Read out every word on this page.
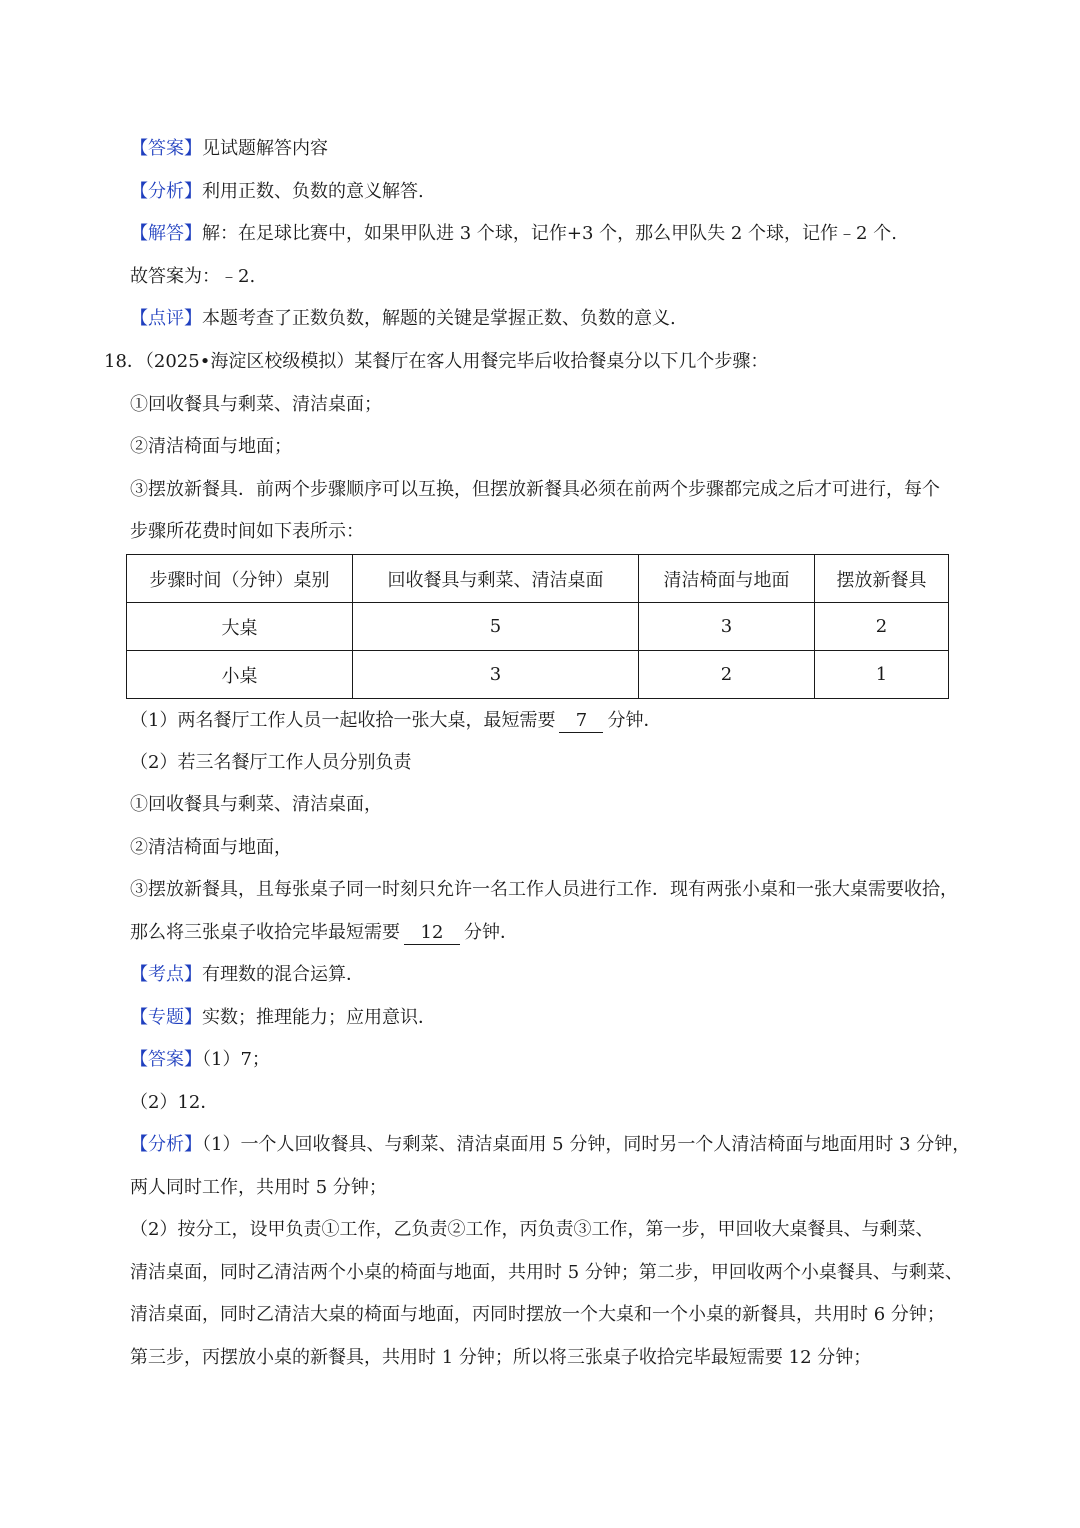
【答案】见试题解答内容
【分析】利用正数、负数的意义解答.
【解答】解：在足球比赛中，如果甲队进 3 个球，记作+3 个，那么甲队失 2 个球，记作﹣2 个.
故答案为：﹣2.
【点评】本题考查了正数负数，解题的关键是掌握正数、负数的意义.
18．（2025•海淀区校级模拟）某餐厅在客人用餐完毕后收拾餐桌分以下几个步骤：
①回收餐具与剩菜、清洁桌面；
②清洁椅面与地面；
③摆放新餐具．前两个步骤顺序可以互换，但摆放新餐具必须在前两个步骤都完成之后才可进行，每个
步骤所花费时间如下表所示：
步骤时间（分钟）桌别	回收餐具与剩菜、清洁桌面	清洁椅面与地面	摆放新餐具
大桌	5	3	2
小桌	3	2	1
（1）两名餐厅工作人员一起收拾一张大桌，最短需要 7 分钟．
（2）若三名餐厅工作人员分别负责
①回收餐具与剩菜、清洁桌面，
②清洁椅面与地面，
③摆放新餐具，且每张桌子同一时刻只允许一名工作人员进行工作．现有两张小桌和一张大桌需要收拾，
那么将三张桌子收拾完毕最短需要 12 分钟．
【考点】有理数的混合运算．
【专题】实数；推理能力；应用意识．
【答案】（1）7；
（2）12．
【分析】（1）一个人回收餐具、与剩菜、清洁桌面用 5 分钟，同时另一个人清洁椅面与地面用时 3 分钟，
两人同时工作，共用时 5 分钟；
（2）按分工，设甲负责①工作，乙负责②工作，丙负责③工作，第一步，甲回收大桌餐具、与剩菜、
清洁桌面，同时乙清洁两个小桌的椅面与地面，共用时 5 分钟；第二步，甲回收两个小桌餐具、与剩菜、
清洁桌面，同时乙清洁大桌的椅面与地面，丙同时摆放一个大桌和一个小桌的新餐具，共用时 6 分钟；
第三步，丙摆放小桌的新餐具，共用时 1 分钟；所以将三张桌子收拾完毕最短需要 12 分钟；
